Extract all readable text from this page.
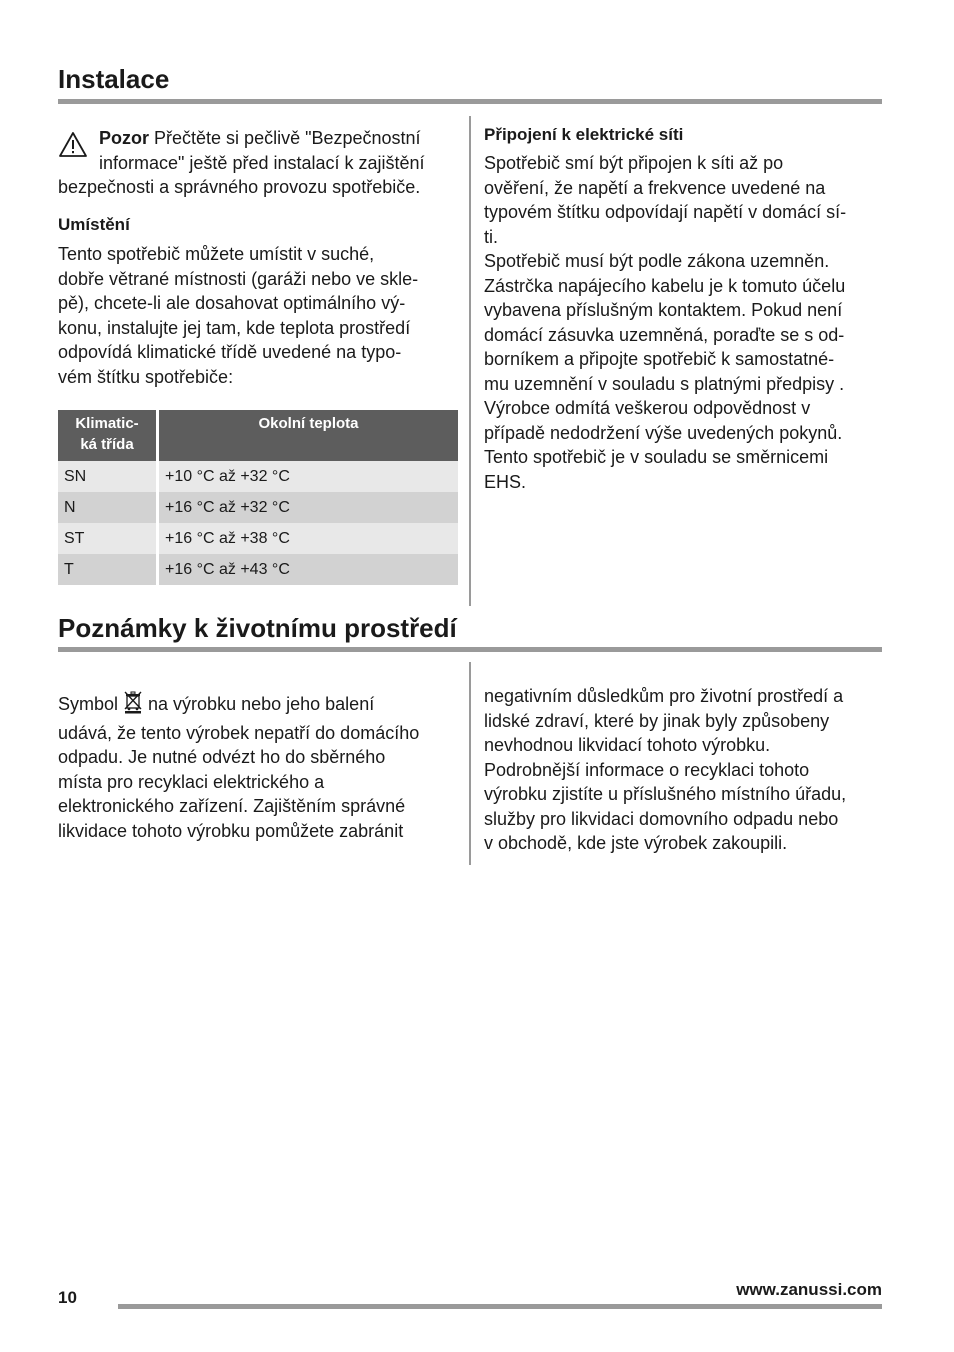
Instalace
Pozor Přečtěte si pečlivě "Bezpečnostní
informace" ještě před instalací k zajištění
bezpečnosti a správného provozu spotřebiče.
Umístění
Tento spotřebič můžete umístit v suché,
dobře větrané místnosti (garáži nebo ve skle-
pě), chcete-li ale dosahovat optimálního vý-
konu, instalujte jej tam, kde teplota prostředí
odpovídá klimatické třídě uvedené na typo-
vém štítku spotřebiče:
Klimatic-
ká třída	Okolní teplota
SN	+10 °C až +32 °C
N	+16 °C až +32 °C
ST	+16 °C až +38 °C
T	+16 °C až +43 °C
Připojení k elektrické síti
Spotřebič smí být připojen k síti až po
ověření, že napětí a frekvence uvedené na
typovém štítku odpovídají napětí v domácí sí-
ti.
Spotřebič musí být podle zákona uzemněn.
Zástrčka napájecího kabelu je k tomuto účelu
vybavena příslušným kontaktem. Pokud není
domácí zásuvka uzemněná, poraďte se s od-
borníkem a připojte spotřebič k samostatné-
mu uzemnění v souladu s platnými předpisy .
Výrobce odmítá veškerou odpovědnost v
případě nedodržení výše uvedených pokynů.
Tento spotřebič je v souladu se směrnicemi
EHS.
Poznámky k životnímu prostředí
Symbol  na výrobku nebo jeho balení
udává, že tento výrobek nepatří do domácího
odpadu. Je nutné odvézt ho do sběrného
místa pro recyklaci elektrického a
elektronického zařízení. Zajištěním správné
likvidace tohoto výrobku pomůžete zabránit
negativním důsledkům pro životní prostředí a
lidské zdraví, které by jinak byly způsobeny
nevhodnou likvidací tohoto výrobku.
Podrobnější informace o recyklaci tohoto
výrobku zjistíte u příslušného místního úřadu,
služby pro likvidaci domovního odpadu nebo
v obchodě, kde jste výrobek zakoupili.
10	www.zanussi.com
